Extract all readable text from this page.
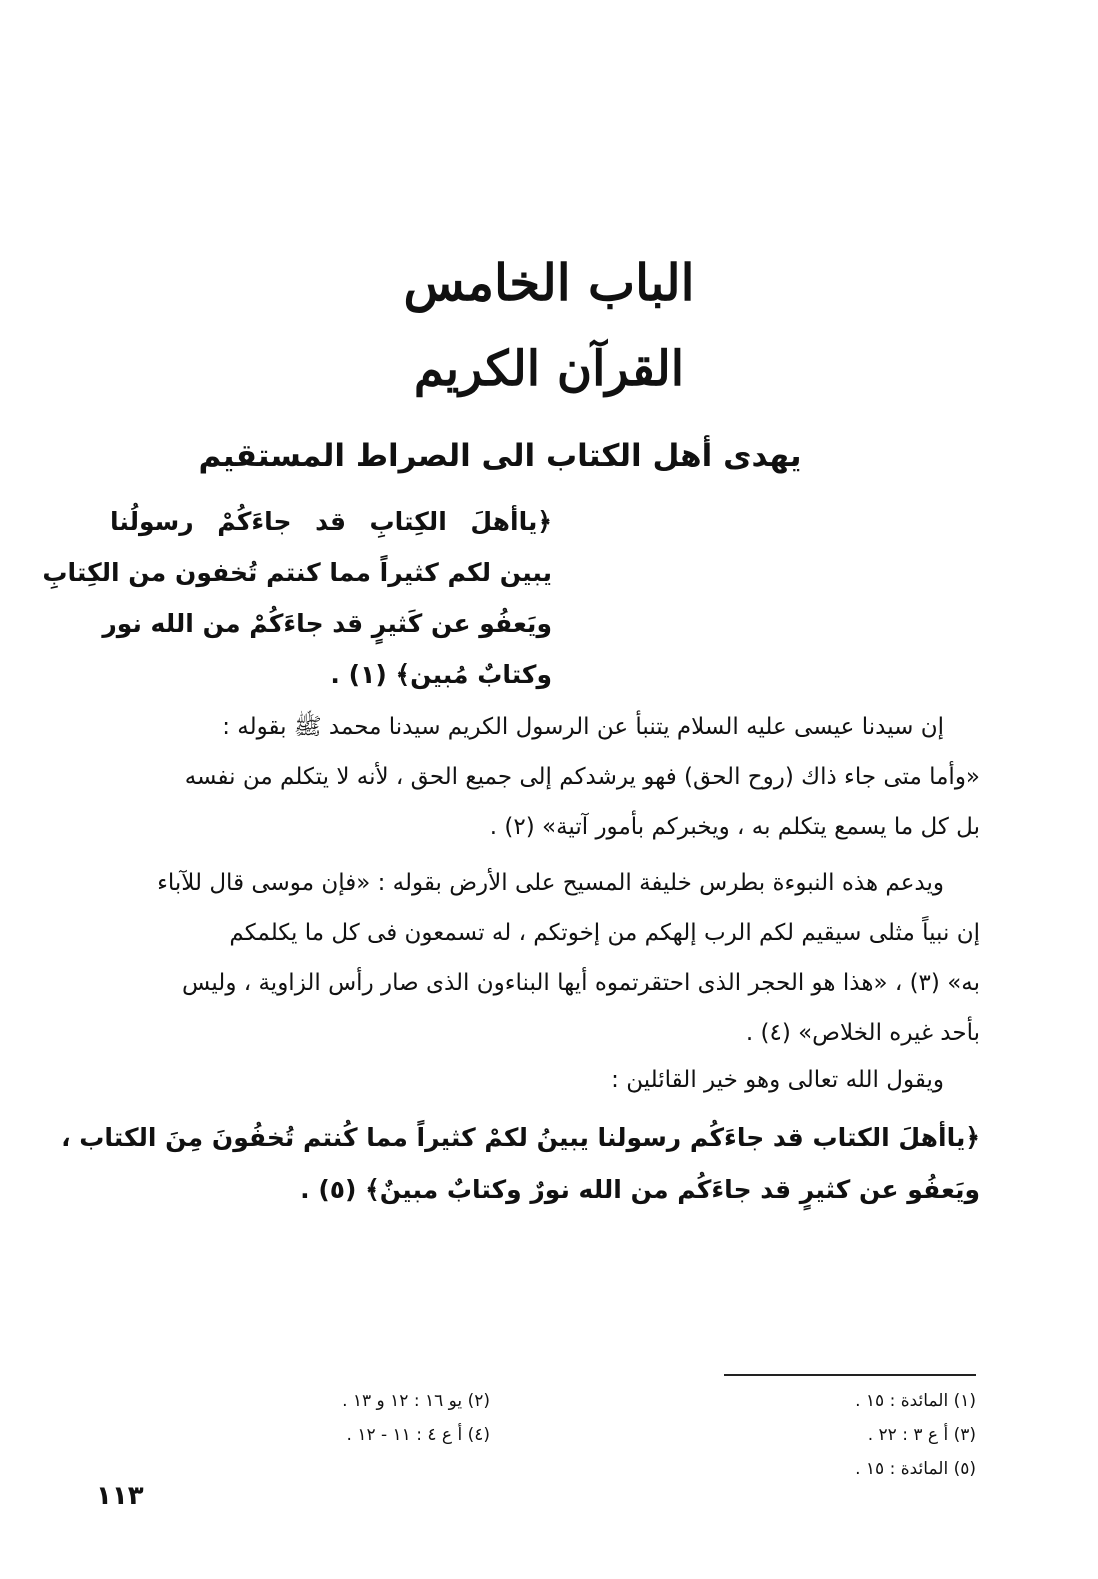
الباب الخامس
القرآن الكريم
يهدى أهل الكتاب الى الصراط المستقيم
﴿ياأهلَ الكِتابِ قد جاءَكُمْ رسولُنا
يبين لكم كثيراً مما كنتم تُخفون من الكِتابِ
ويَعفُو عن كَثيرٍ قد جاءَكُمْ من الله نور
وكتابٌ مُبين﴾ (١) .
إن سيدنا عيسى عليه السلام يتنبأ عن الرسول الكريم سيدنا محمد ﷺ بقوله :
«وأما متى جاء ذاك (روح الحق) فهو يرشدكم إلى جميع الحق ، لأنه لا يتكلم من نفسه
بل كل ما يسمع يتكلم به ، ويخبركم بأمور آتية» (٢) .
ويدعم هذه النبوءة بطرس خليفة المسيح على الأرض بقوله : «فإن موسى قال للآباء
إن نبياً مثلى سيقيم لكم الرب إلهكم من إخوتكم ، له تسمعون فى كل ما يكلمكم
به» (٣) ، «هذا هو الحجر الذى احتقرتموه أيها البناءون الذى صار رأس الزاوية ، وليس
بأحد غيره الخلاص» (٤) .
ويقول الله تعالى وهو خير القائلين :
﴿ياأهلَ الكتاب قد جاءَكُم رسولنا يبينُ لكمْ كثيراً مما كُنتم تُخفُونَ مِنَ الكتاب ،
ويَعفُو عن كثيرٍ قد جاءَكُم من الله نورٌ وكتابٌ مبينٌ﴾ (٥) .
(١) المائدة : ١٥ .
(٢) يو ١٦ : ١٢ و ١٣ .
(٣) أ ع ٣ : ٢٢ .
(٤) أ ع ٤ : ١١ - ١٢ .
(٥) المائدة : ١٥ .
١١٣
